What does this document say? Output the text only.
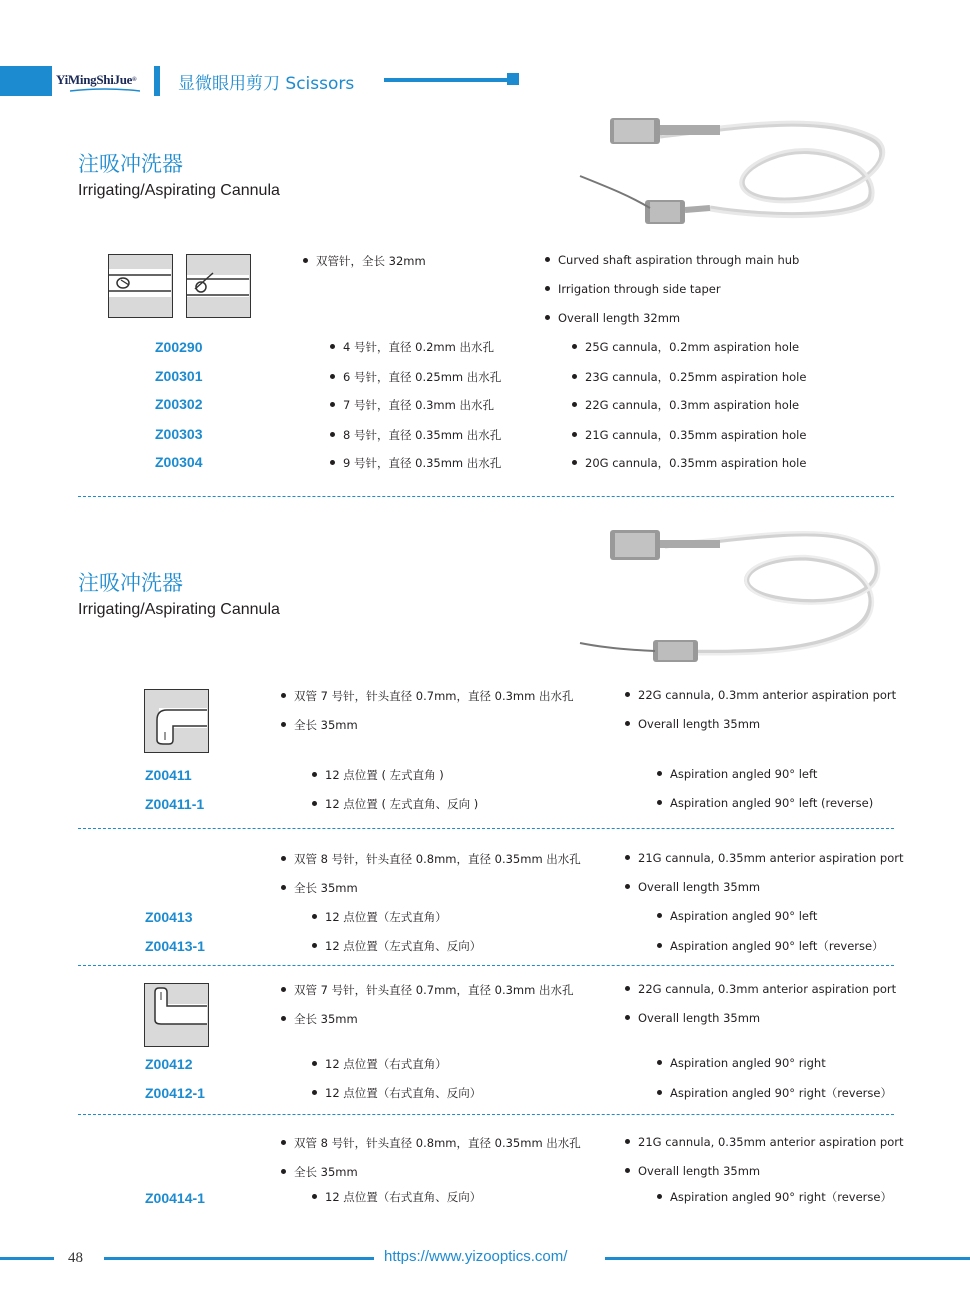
YiMingShiJue ® 显微眼用剪刀 Scissors
注吸冲洗器
Irrigating/Aspirating Cannula
双管针，全长 32mm	Curved shaft aspiration through main hub
Irrigation through side taper
Overall length 32mm
Z00290	4 号针，直径 0.2mm 出水孔	25G cannula，0.2mm aspiration hole
Z00301	6 号针，直径 0.25mm 出水孔	23G cannula，0.25mm aspiration hole
Z00302	7 号针，直径 0.3mm 出水孔	22G cannula，0.3mm aspiration hole
Z00303	8 号针，直径 0.35mm 出水孔	21G cannula，0.35mm aspiration hole
Z00304	9 号针，直径 0.35mm 出水孔	20G cannula，0.35mm aspiration hole
注吸冲洗器
Irrigating/Aspirating Cannula
双管 7 号针，针头直径 0.7mm，直径 0.3mm 出水孔
全长 35mm
22G cannula, 0.3mm anterior aspiration port
Overall length 35mm
Z00411	12 点位置 ( 左式直角 )	Aspiration angled 90° left
Z00411-1	12 点位置 ( 左式直角、反向 )	Aspiration angled 90° left (reverse)
双管 8 号针，针头直径 0.8mm，直径 0.35mm 出水孔
全长 35mm
21G cannula, 0.35mm anterior aspiration port
Overall length 35mm
Z00413	12 点位置（左式直角）	Aspiration angled 90° left
Z00413-1	12 点位置（左式直角、反向）	Aspiration angled 90° left（reverse）
双管 7 号针，针头直径 0.7mm，直径 0.3mm 出水孔
全长 35mm
22G cannula, 0.3mm anterior aspiration port
Overall length 35mm
Z00412	12 点位置（右式直角）	Aspiration angled 90° right
Z00412-1	12 点位置（右式直角、反向）	Aspiration angled 90° right（reverse）
双管 8 号针，针头直径 0.8mm，直径 0.35mm 出水孔
全长 35mm
21G cannula, 0.35mm anterior aspiration port
Overall length 35mm
Z00414-1	12 点位置（右式直角、反向）	Aspiration angled 90° right（reverse）
48	https://www.yizooptics.com/
